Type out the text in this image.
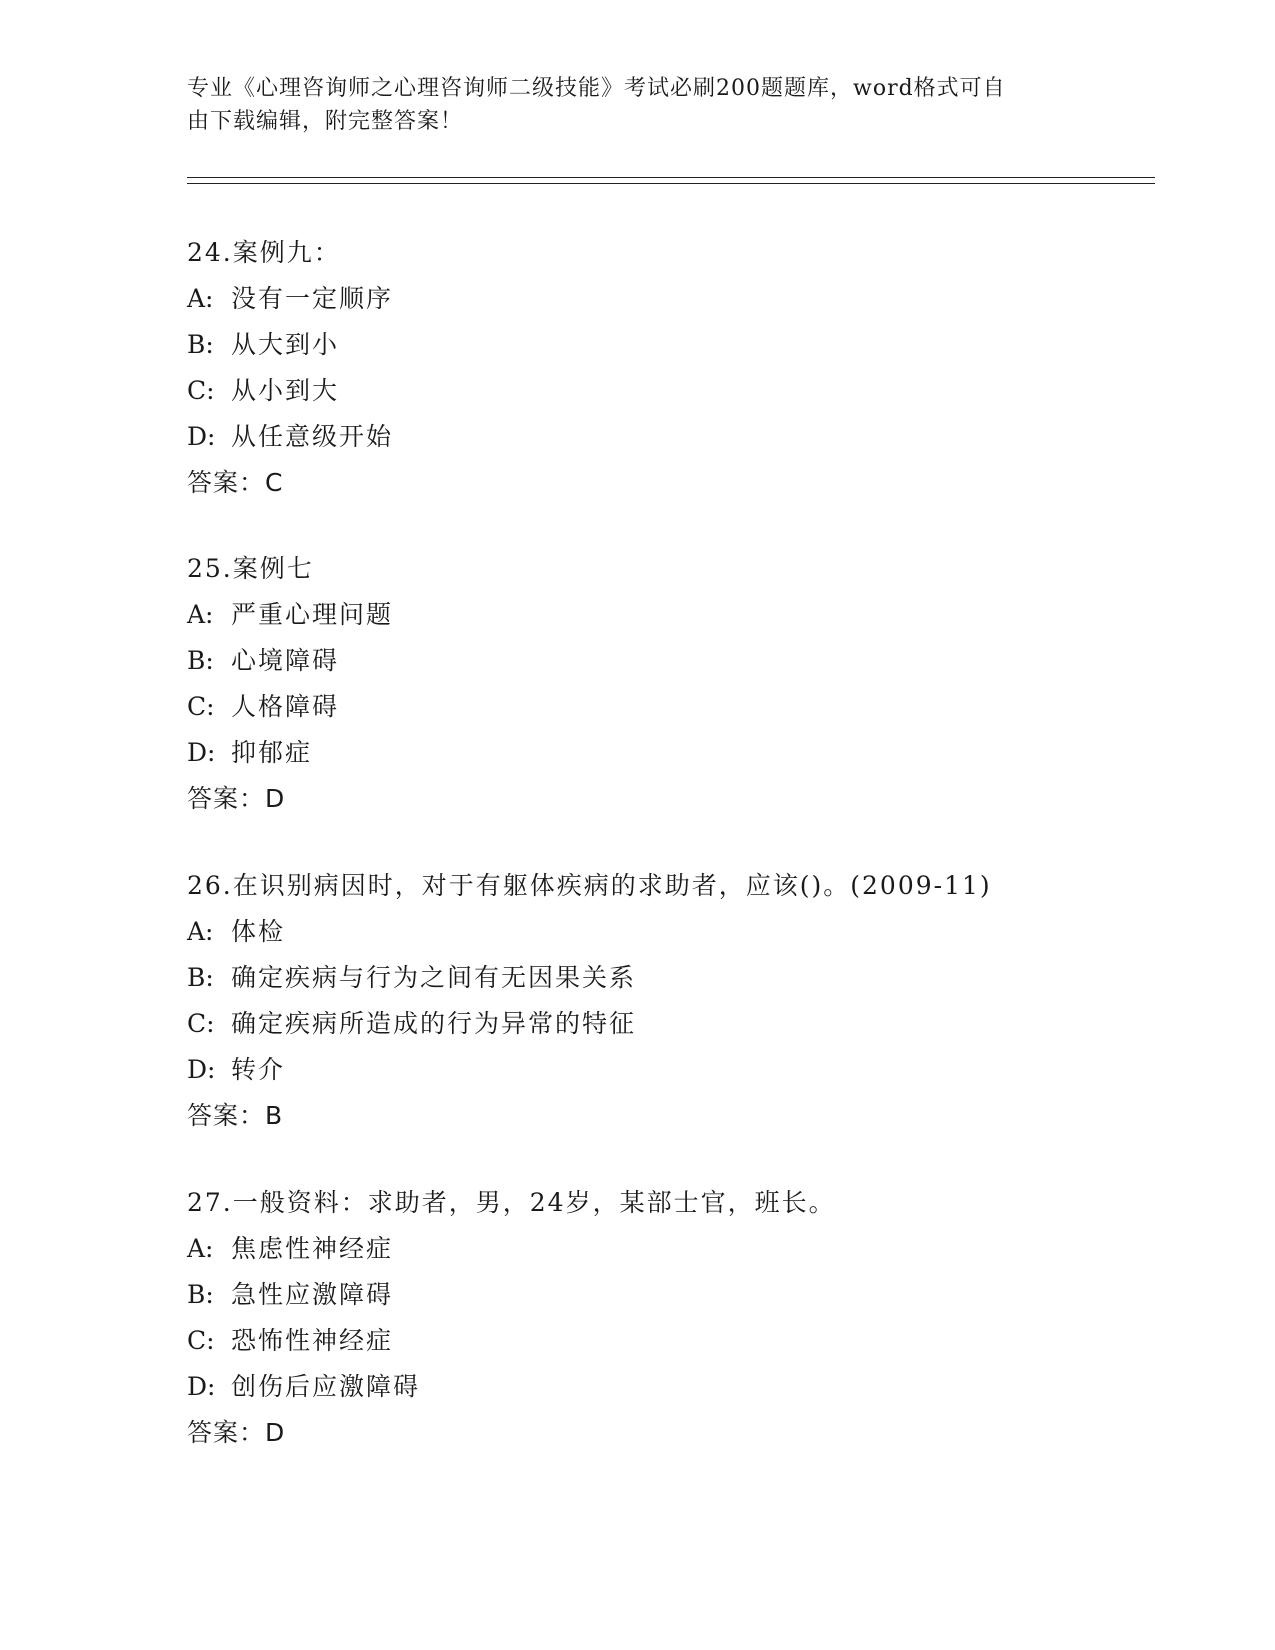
专业《心理咨询师之心理咨询师二级技能》考试必刷200题题库，word格式可自
由下载编辑，附完整答案！
24.案例九：
A: 没有一定顺序
B: 从大到小
C: 从小到大
D: 从任意级开始
答案：C
25.案例七
A: 严重心理问题
B: 心境障碍
C: 人格障碍
D: 抑郁症
答案：D
26.在识别病因时，对于有躯体疾病的求助者，应该()。(2009-11)
A: 体检
B: 确定疾病与行为之间有无因果关系
C: 确定疾病所造成的行为异常的特征
D: 转介
答案：B
27.一般资料：求助者，男，24岁，某部士官，班长。
A: 焦虑性神经症
B: 急性应激障碍
C: 恐怖性神经症
D: 创伤后应激障碍
答案：D
